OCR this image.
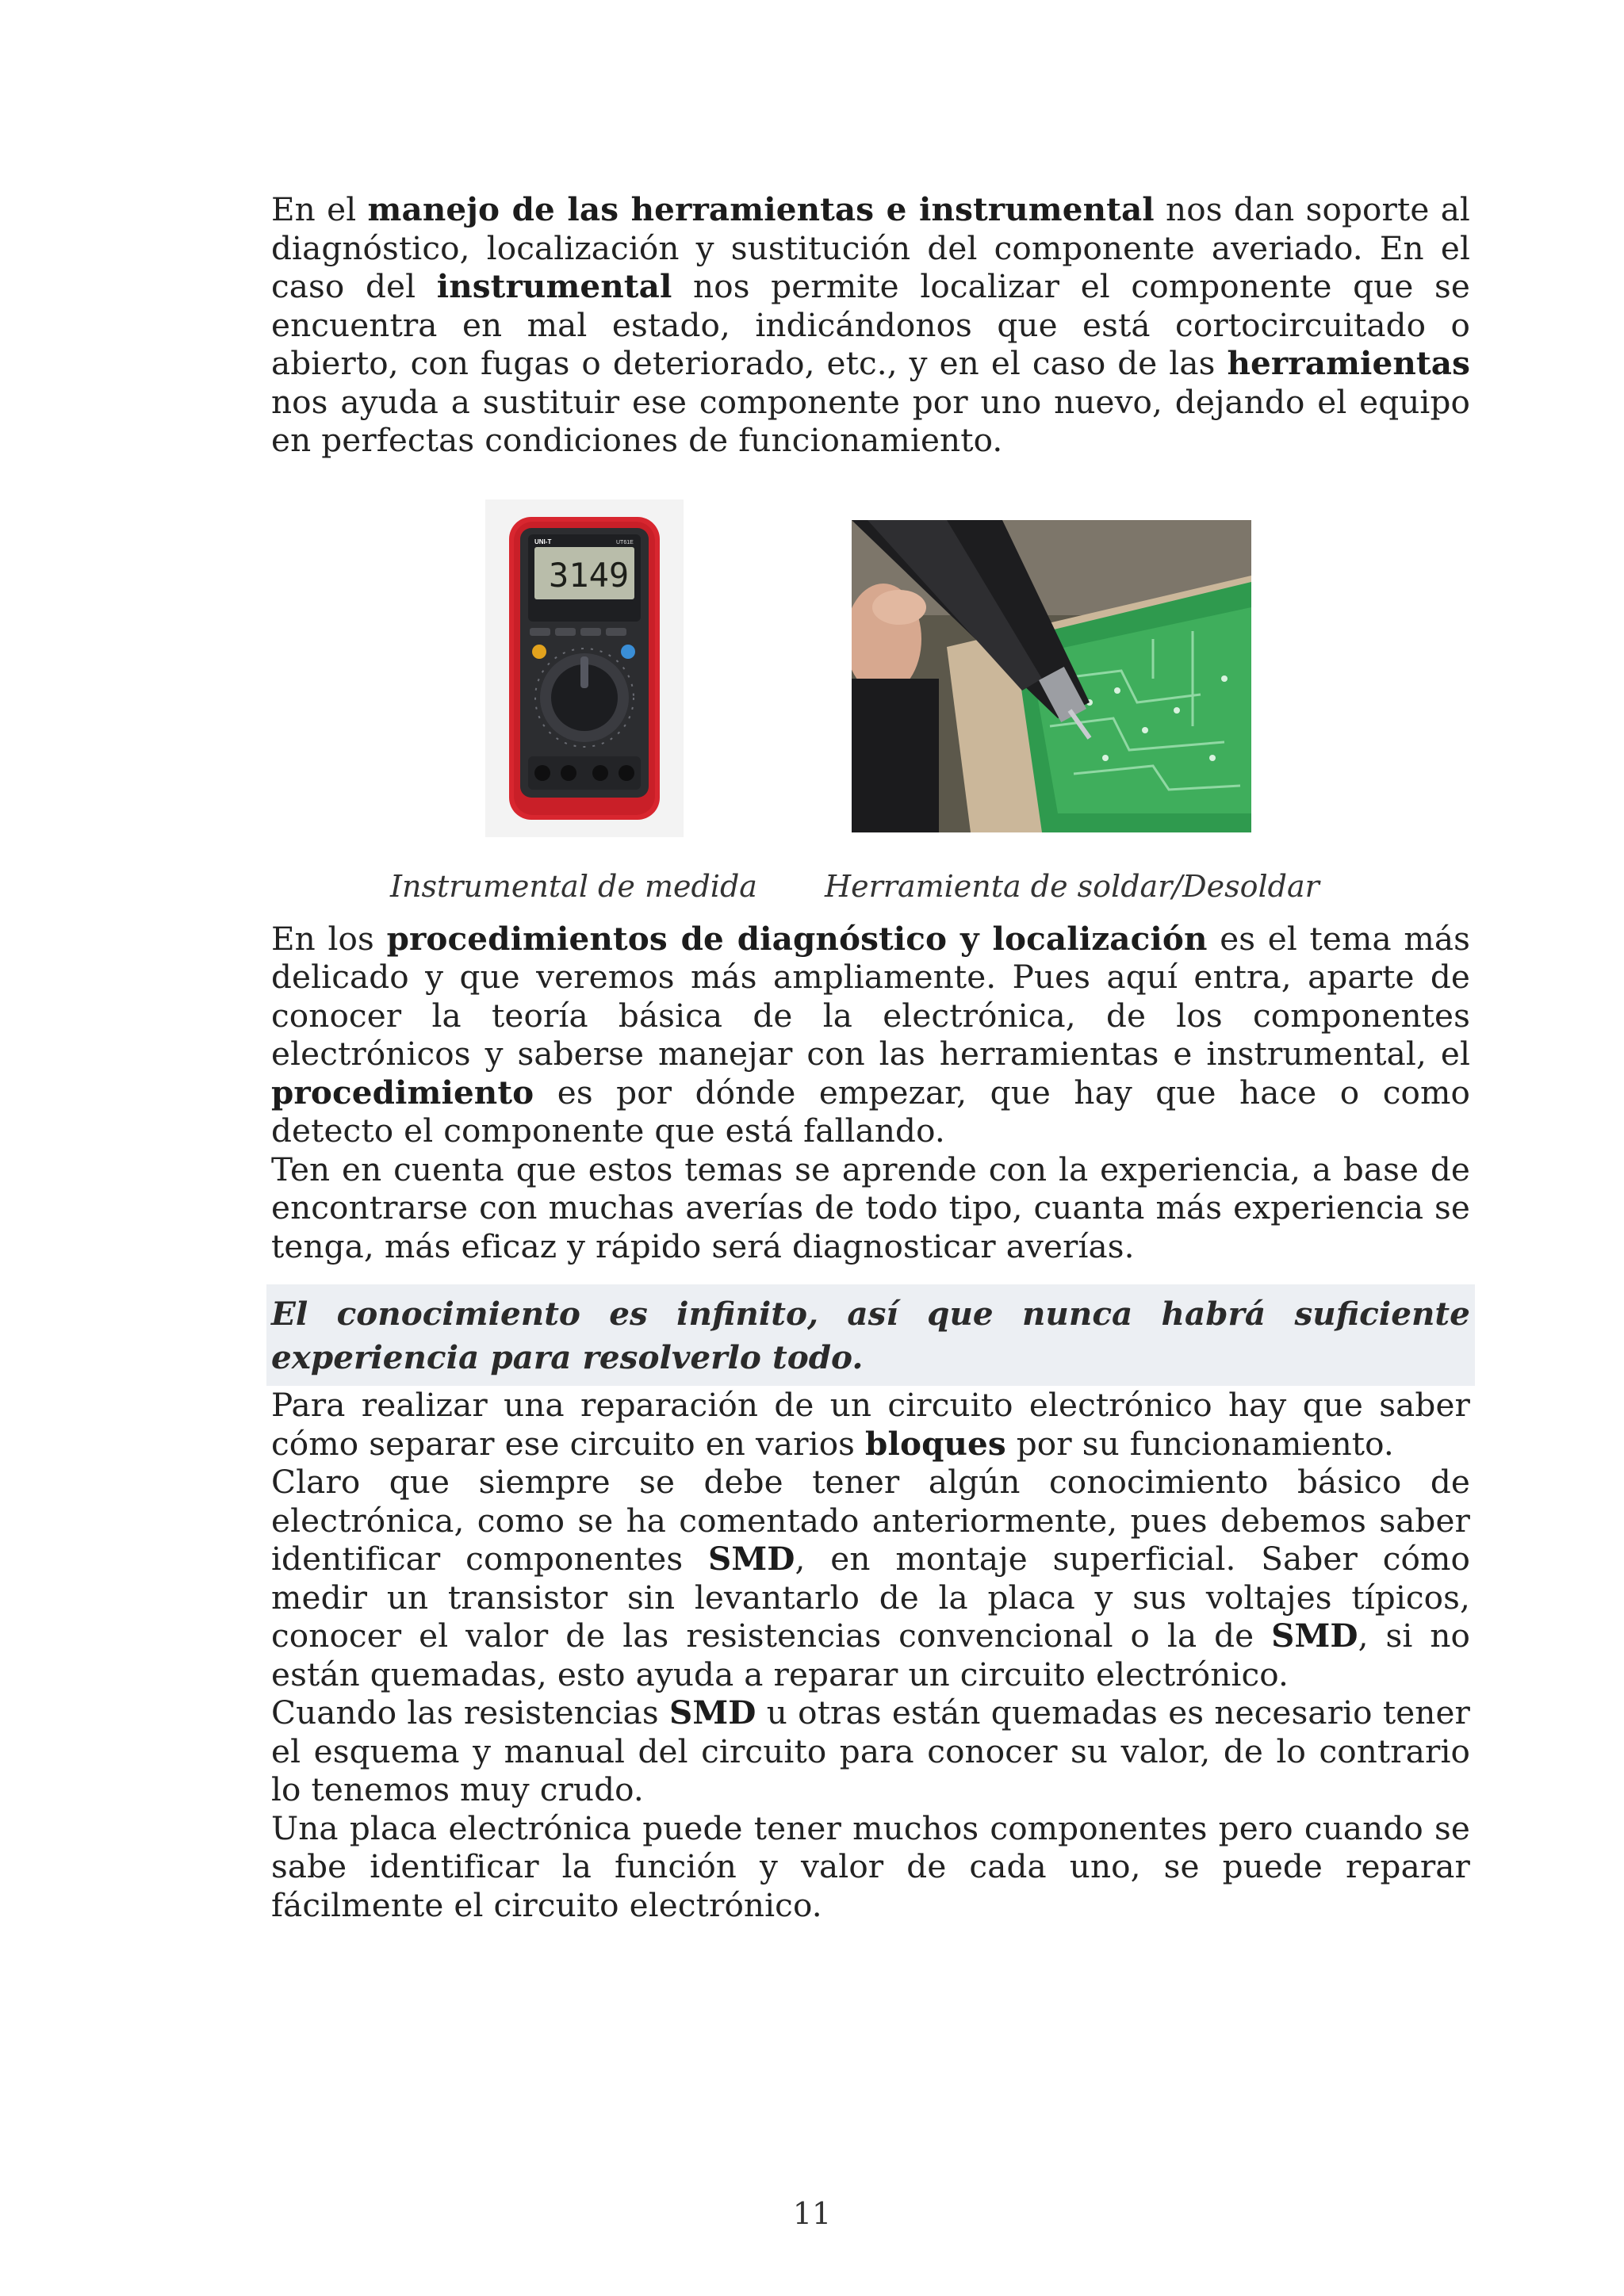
En el manejo de las herramientas e instrumental nos dan soporte al diagnóstico, localización y sustitución del componente averiado. En el caso del instrumental nos permite localizar el componente que se encuentra en mal estado, indicándonos que está cortocircuitado o abierto, con fugas o deteriorado, etc., y en el caso de las herramientas nos ayuda a sustituir ese componente por uno nuevo, dejando el equipo en perfectas condiciones de funcionamiento.

UNI-T	UT61E
3149
Instrumental de medida Herramienta de soldar/Desoldar

En los procedimientos de diagnóstico y localización es el tema más delicado y que veremos más ampliamente. Pues aquí entra, aparte de conocer la teoría básica de la electrónica, de los componentes electrónicos y saberse manejar con las herramientas e instrumental, el procedimiento es por dónde empezar, que hay que hace o como detecto el componente que está fallando.

Ten en cuenta que estos temas se aprende con la experiencia, a base de encontrarse con muchas averías de todo tipo, cuanta más experiencia se tenga, más eficaz y rápido será diagnosticar averías.

El conocimiento es infinito, así que nunca habrá suficiente
experiencia para resolverlo todo.

Para realizar una reparación de un circuito electrónico hay que saber cómo separar ese circuito en varios bloques por su funcionamiento.

Claro que siempre se debe tener algún conocimiento básico de electrónica, como se ha comentado anteriormente, pues debemos saber identificar componentes SMD, en montaje superficial. Saber cómo medir un transistor sin levantarlo de la placa y sus voltajes típicos, conocer el valor de las resistencias convencional o la de SMD, si no están quemadas, esto ayuda a reparar un circuito electrónico.

Cuando las resistencias SMD u otras están quemadas es necesario tener el esquema y manual del circuito para conocer su valor, de lo contrario lo tenemos muy crudo.

Una placa electrónica puede tener muchos componentes pero cuando se sabe identificar la función y valor de cada uno, se puede reparar fácilmente el circuito electrónico.

11
